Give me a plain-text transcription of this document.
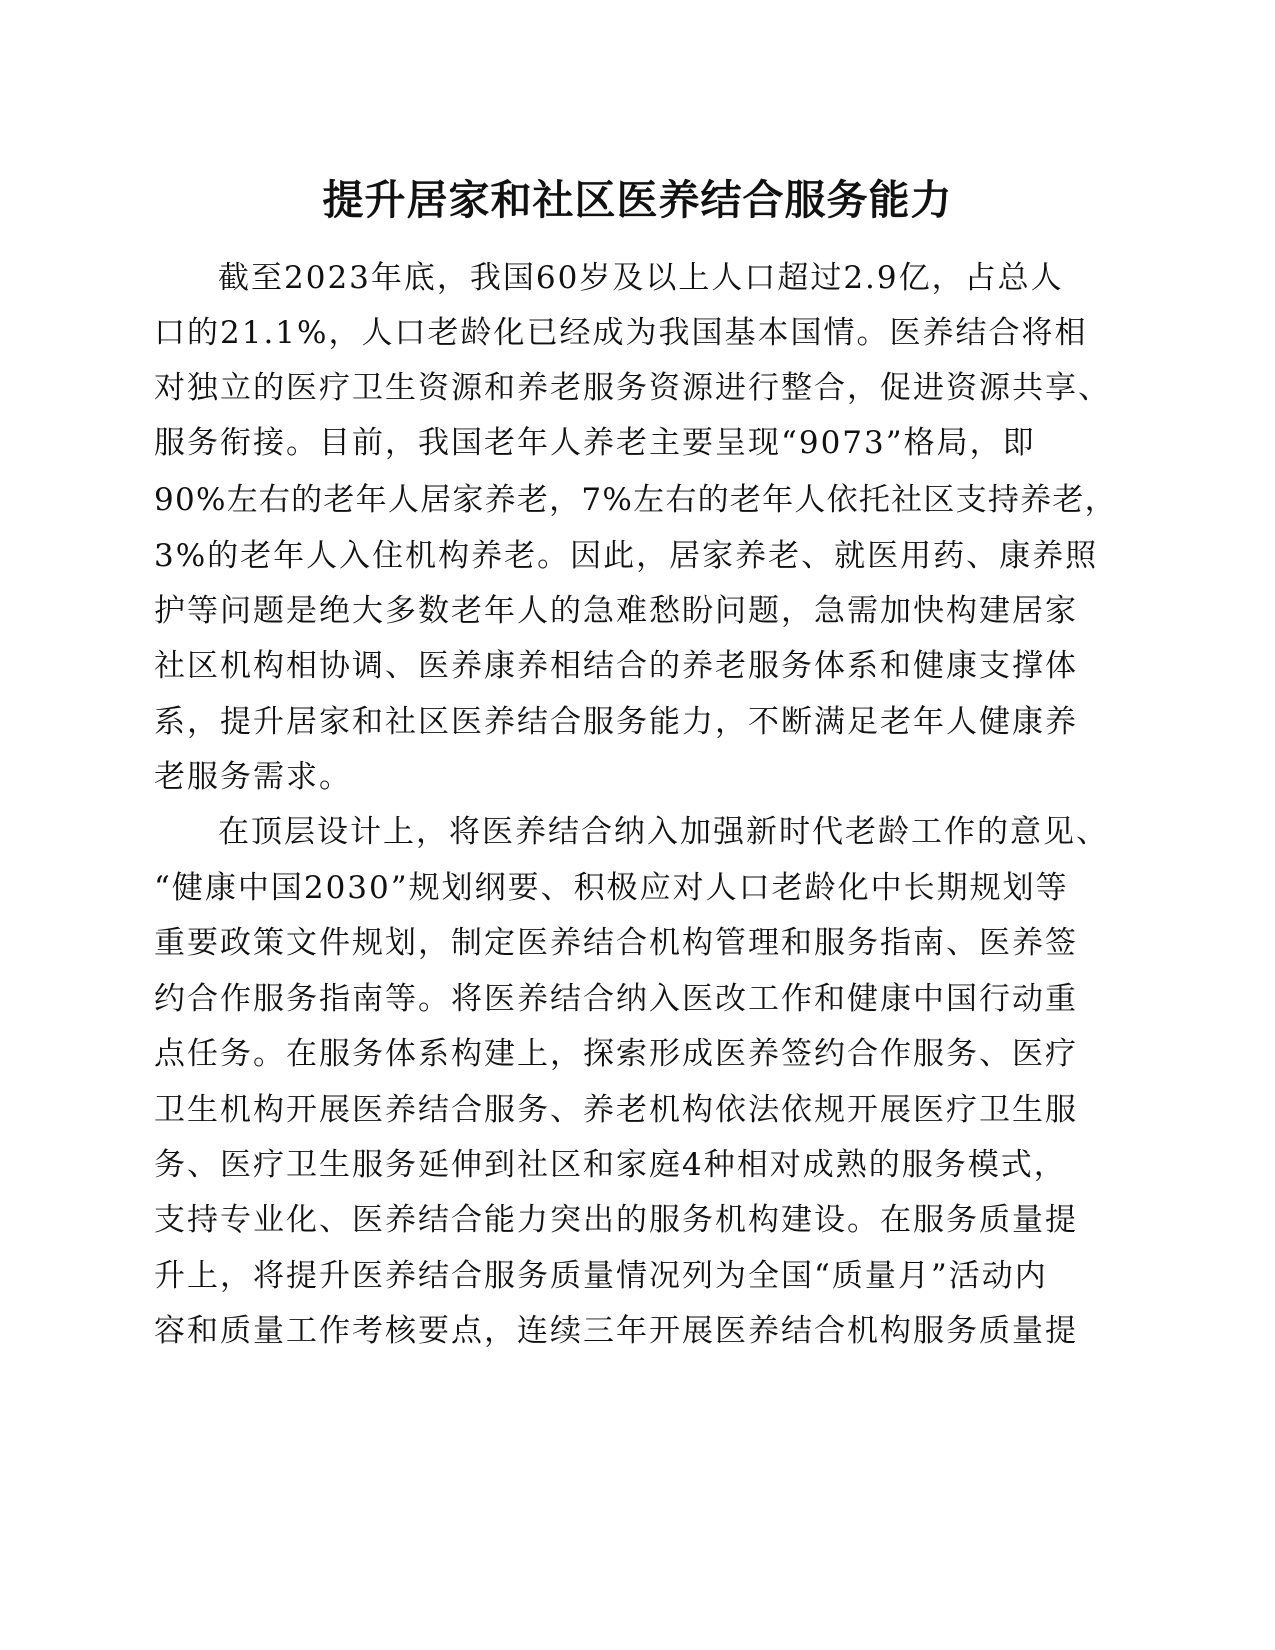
提升居家和社区医养结合服务能力
截至2023年底，我国60岁及以上人口超过2.9亿，占总人
口的21.1%，人口老龄化已经成为我国基本国情。医养结合将相
对独立的医疗卫生资源和养老服务资源进行整合，促进资源共享、
服务衔接。目前，我国老年人养老主要呈现“9073”格局，即
90%左右的老年人居家养老，7%左右的老年人依托社区支持养老，
3%的老年人入住机构养老。因此，居家养老、就医用药、康养照
护等问题是绝大多数老年人的急难愁盼问题，急需加快构建居家
社区机构相协调、医养康养相结合的养老服务体系和健康支撑体
系，提升居家和社区医养结合服务能力，不断满足老年人健康养
老服务需求。
在顶层设计上，将医养结合纳入加强新时代老龄工作的意见、
“健康中国2030”规划纲要、积极应对人口老龄化中长期规划等
重要政策文件规划，制定医养结合机构管理和服务指南、医养签
约合作服务指南等。将医养结合纳入医改工作和健康中国行动重
点任务。在服务体系构建上，探索形成医养签约合作服务、医疗
卫生机构开展医养结合服务、养老机构依法依规开展医疗卫生服
务、医疗卫生服务延伸到社区和家庭4种相对成熟的服务模式，
支持专业化、医养结合能力突出的服务机构建设。在服务质量提
升上，将提升医养结合服务质量情况列为全国“质量月”活动内
容和质量工作考核要点，连续三年开展医养结合机构服务质量提
